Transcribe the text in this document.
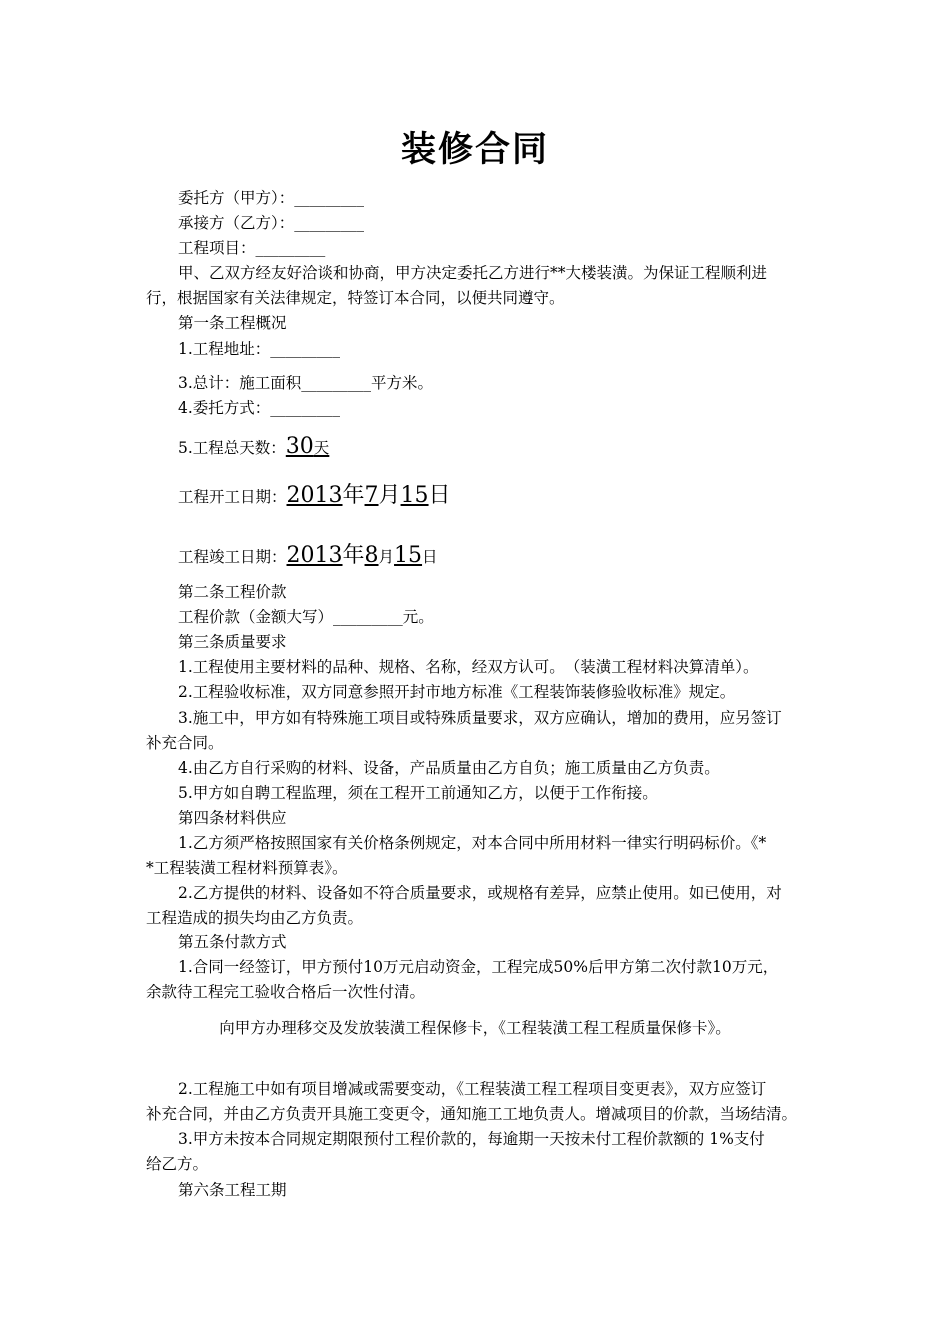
装修合同
委托方（甲方）：_________
承接方（乙方）：_________
工程项目：_________
甲、乙双方经友好洽谈和协商，甲方决定委托乙方进行**大楼装潢。为保证工程顺利进
行，根据国家有关法律规定，特签订本合同，以便共同遵守。
第一条工程概况
1.工程地址：_________
3.总计：施工面积_________平方米。
4.委托方式：_________
5.工程总天数：30天
工程开工日期：2013年7月15日
工程竣工日期：2013年8月15日
第二条工程价款
工程价款（金额大写）_________元。
第三条质量要求
1.工程使用主要材料的品种、规格、名称，经双方认可。　（装潢工程材料决算清单）。
2.工程验收标准，双方同意参照开封市地方标准《工程装饰装修验收标准》规定。
3.施工中，甲方如有特殊施工项目或特殊质量要求，双方应确认，增加的费用，应另签订
补充合同。
4.由乙方自行采购的材料、设备，产品质量由乙方自负；施工质量由乙方负责。
5.甲方如自聘工程监理，须在工程开工前通知乙方，以便于工作衔接。
第四条材料供应
1.乙方须严格按照国家有关价格条例规定，对本合同中所用材料一律实行明码标价。《*
*工程装潢工程材料预算表》。
2.乙方提供的材料、设备如不符合质量要求，或规格有差异，应禁止使用。如已使用，对
工程造成的损失均由乙方负责。
第五条付款方式
1.合同一经签订，甲方预付10万元启动资金，工程完成50%后甲方第二次付款10万元，
余款待工程完工验收合格后一次性付清。
向甲方办理移交及发放装潢工程保修卡，《工程装潢工程工程质量保修卡》。
2.工程施工中如有项目增减或需要变动，《工程装潢工程工程项目变更表》，双方应签订
补充合同，并由乙方负责开具施工变更令，通知施工工地负责人。增减项目的价款，当场结清。
3.甲方未按本合同规定期限预付工程价款的，每逾期一天按未付工程价款额的 1%支付
给乙方。
第六条工程工期
